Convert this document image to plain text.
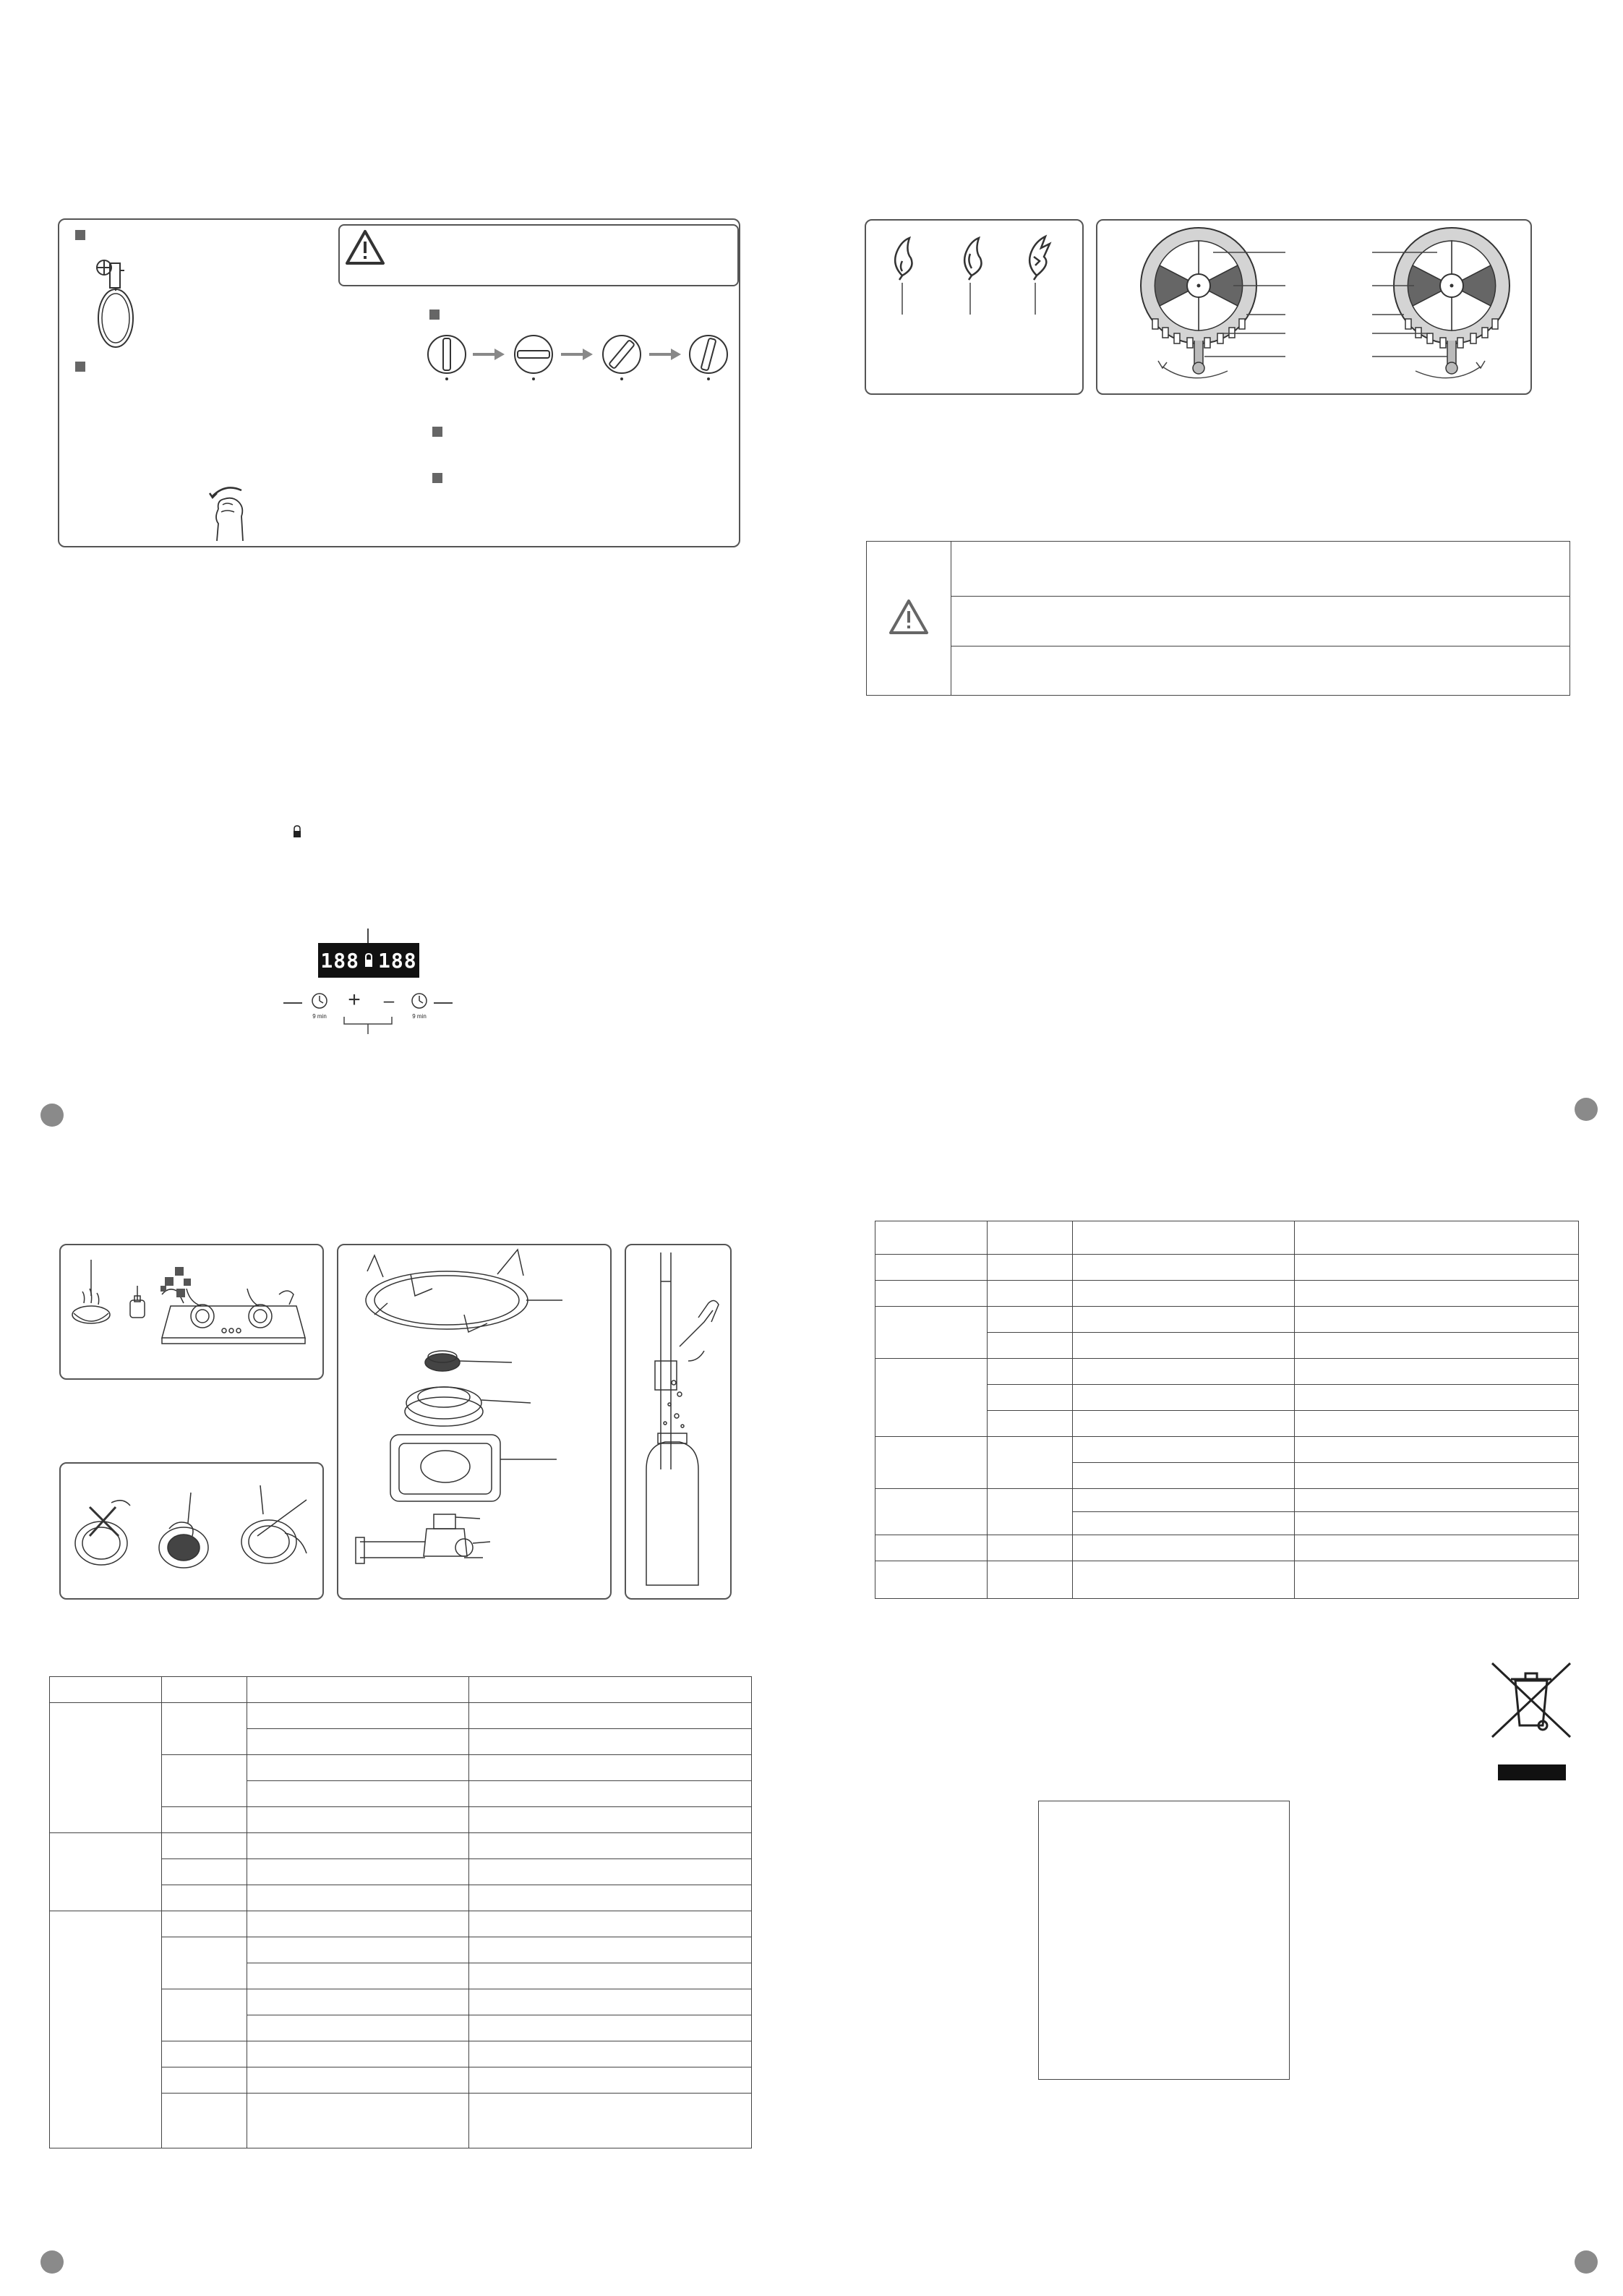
188 188
9 min
+ –
9 min
